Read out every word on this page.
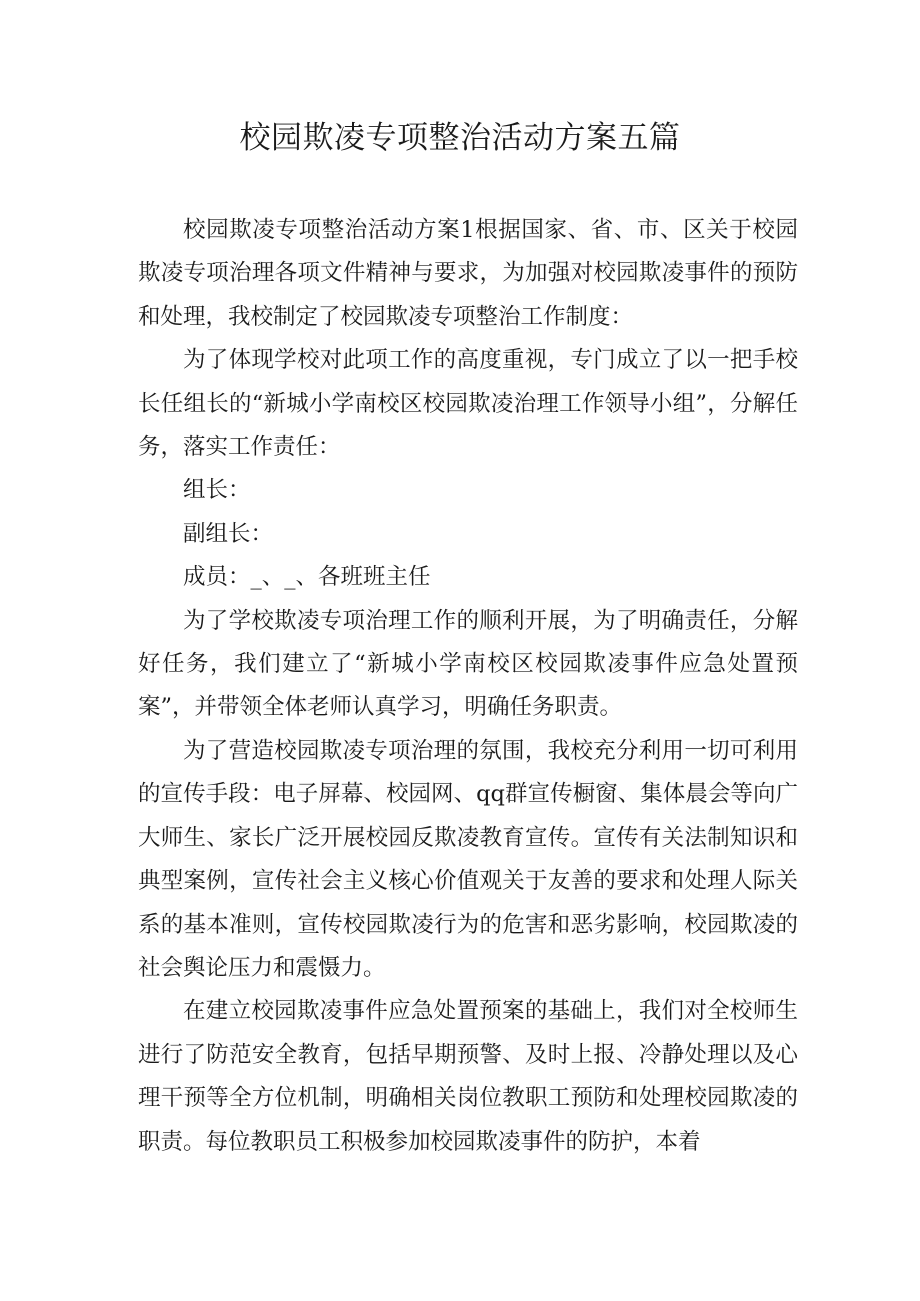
校园欺凌专项整治活动方案五篇

校园欺凌专项整治活动方案1根据国家、省、市、区关于校园欺凌专项治理各项文件精神与要求，为加强对校园欺凌事件的预防和处理，我校制定了校园欺凌专项整治工作制度：

为了体现学校对此项工作的高度重视，专门成立了以一把手校长任组长的“新城小学南校区校园欺凌治理工作领导小组”，分解任务，落实工作责任：

组长：

副组长：

成员：_、_、各班班主任

为了学校欺凌专项治理工作的顺利开展，为了明确责任，分解好任务，我们建立了“新城小学南校区校园欺凌事件应急处置预案”，并带领全体老师认真学习，明确任务职责。

为了营造校园欺凌专项治理的氛围，我校充分利用一切可利用的宣传手段：电子屏幕、校园网、qq群宣传橱窗、集体晨会等向广大师生、家长广泛开展校园反欺凌教育宣传。宣传有关法制知识和典型案例，宣传社会主义核心价值观关于友善的要求和处理人际关系的基本准则，宣传校园欺凌行为的危害和恶劣影响，校园欺凌的社会舆论压力和震慑力。

在建立校园欺凌事件应急处置预案的基础上，我们对全校师生进行了防范安全教育，包括早期预警、及时上报、冷静处理以及心理干预等全方位机制，明确相关岗位教职工预防和处理校园欺凌的职责。每位教职员工积极参加校园欺凌事件的防护，本着
